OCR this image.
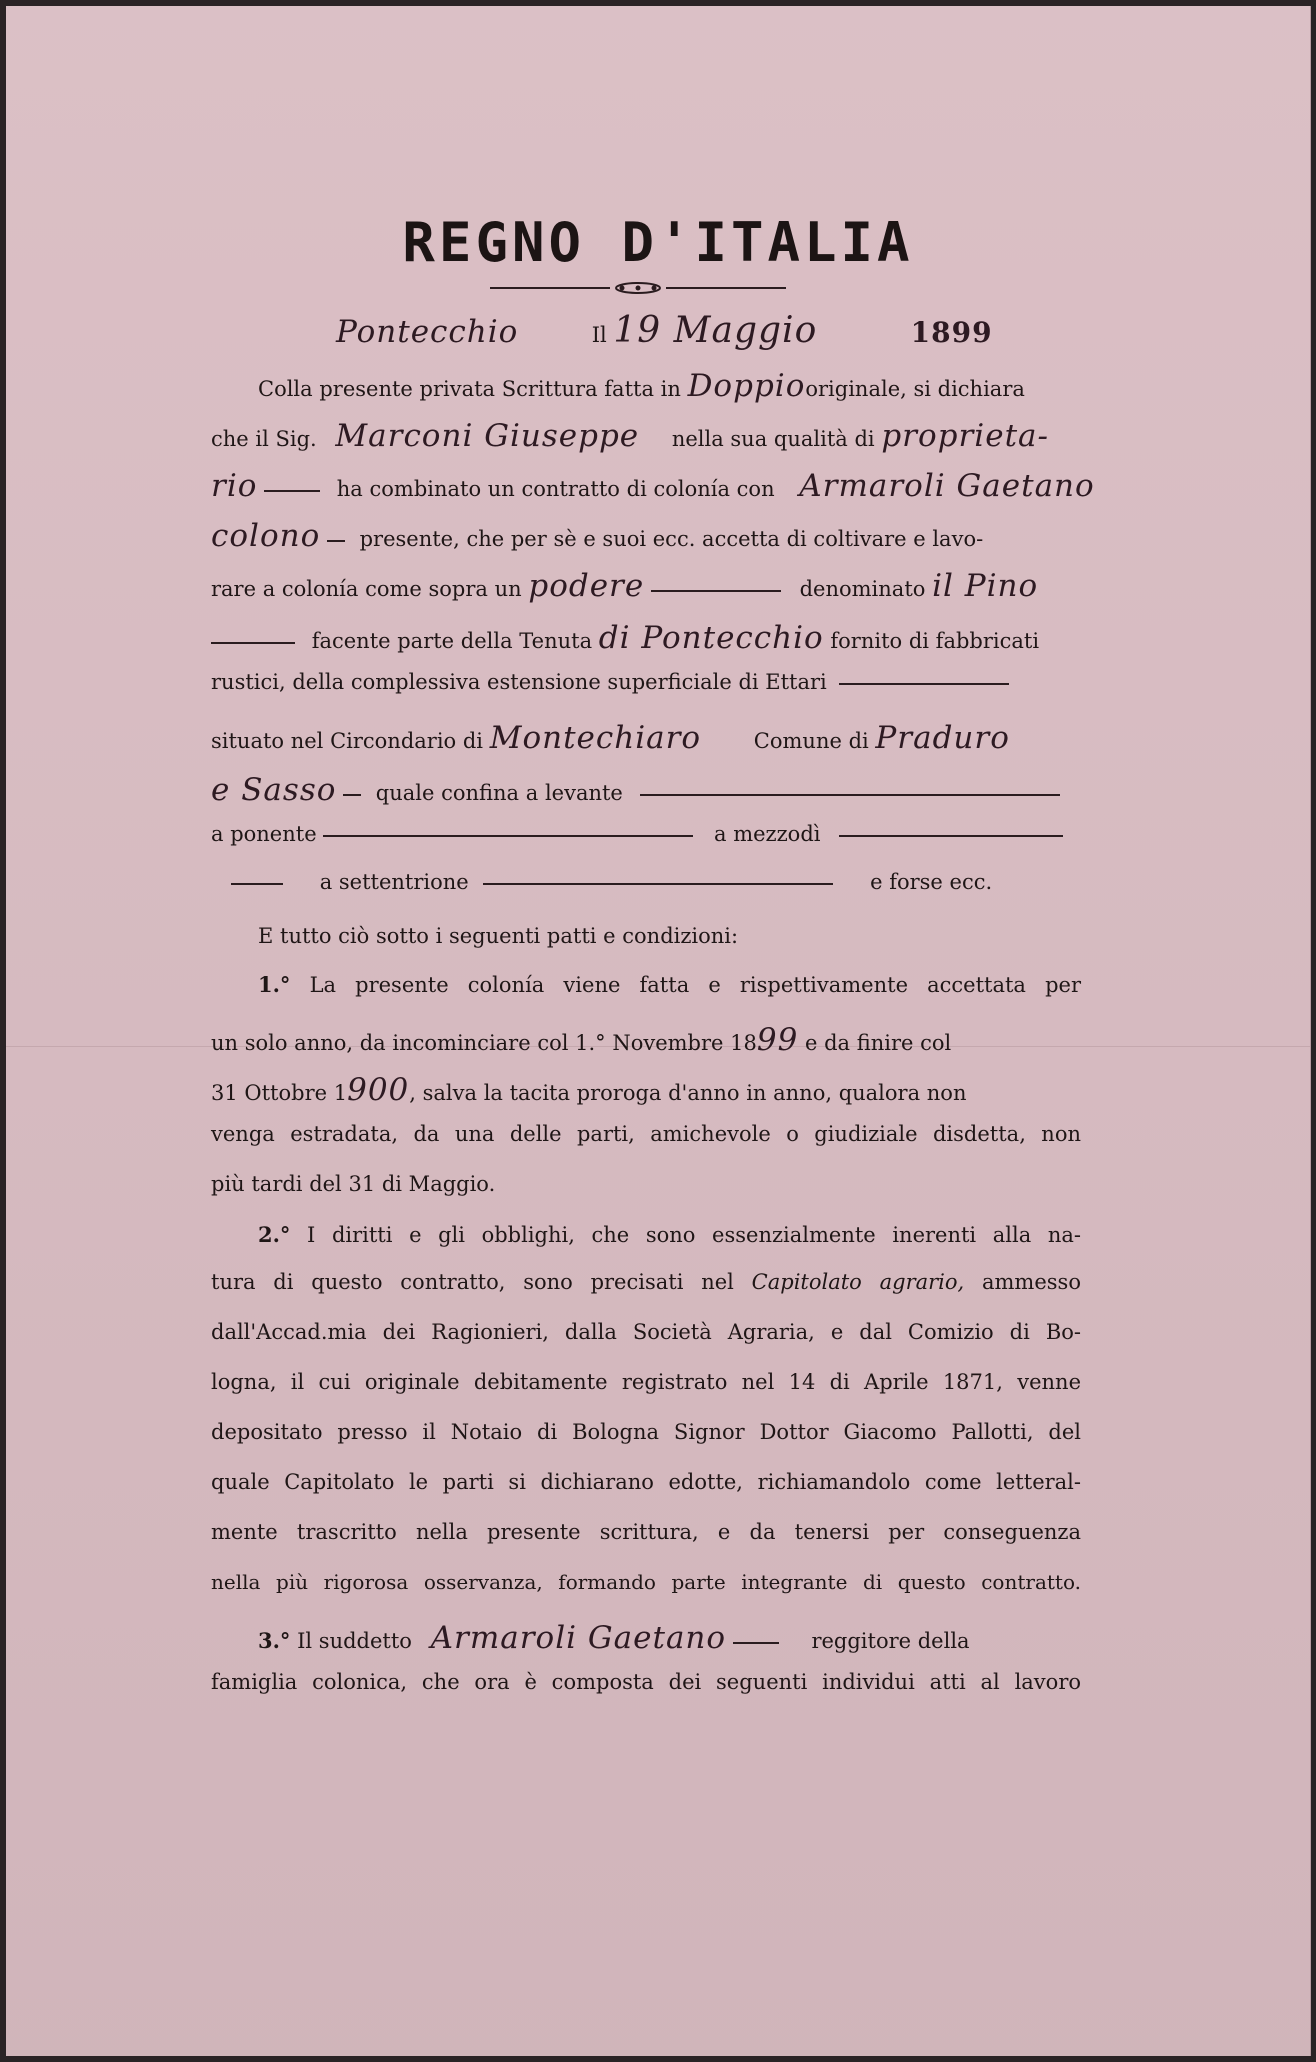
REGNO D'ITALIA
Pontecchio	Il 19 Maggio	1899
Colla presente privata Scrittura fatta in Doppiooriginale, si dichiara
che il Sig. Marconi Giuseppe nella sua qualità di proprieta-
rio	ha combinato un contratto di colonía con Armaroli Gaetano
colono presente, che per sè e suoi ecc. accetta di coltivare e lavo-
rare a colonía come sopra un podere	denominato il Pino
facente parte della Tenuta di Pontecchio fornito di fabbricati
rustici, della complessiva estensione superficiale di Ettari
situato nel Circondario di Montechiaro	Comune di Praduro
e Sasso quale confina a levante
a ponente	a mezzodì
a settentrione	e forse ecc.
E tutto ciò sotto i seguenti patti e condizioni:
1.° La presente colonía viene fatta e rispettivamente accettata per
un solo anno, da incominciare col 1.° Novembre 1899 e da finire col
31 Ottobre 1900, salva la tacita proroga d'anno in anno, qualora non
venga estradata, da una delle parti, amichevole o giudiziale disdetta, non
più tardi del 31 di Maggio.
2.° I diritti e gli obblighi, che sono essenzialmente inerenti alla na-
tura di questo contratto, sono precisati nel Capitolato agrario, ammesso
dall'Accad.mia dei Ragionieri, dalla Società Agraria, e dal Comizio di Bo-
logna, il cui originale debitamente registrato nel 14 di Aprile 1871, venne
depositato presso il Notaio di Bologna Signor Dottor Giacomo Pallotti, del
quale Capitolato le parti si dichiarano edotte, richiamandolo come letteral-
mente trascritto nella presente scrittura, e da tenersi per conseguenza
nella più rigorosa osservanza, formando parte integrante di questo contratto.
3.° Il suddetto Armaroli Gaetano	reggitore della
famiglia colonica, che ora è composta dei seguenti individui atti al lavoro
